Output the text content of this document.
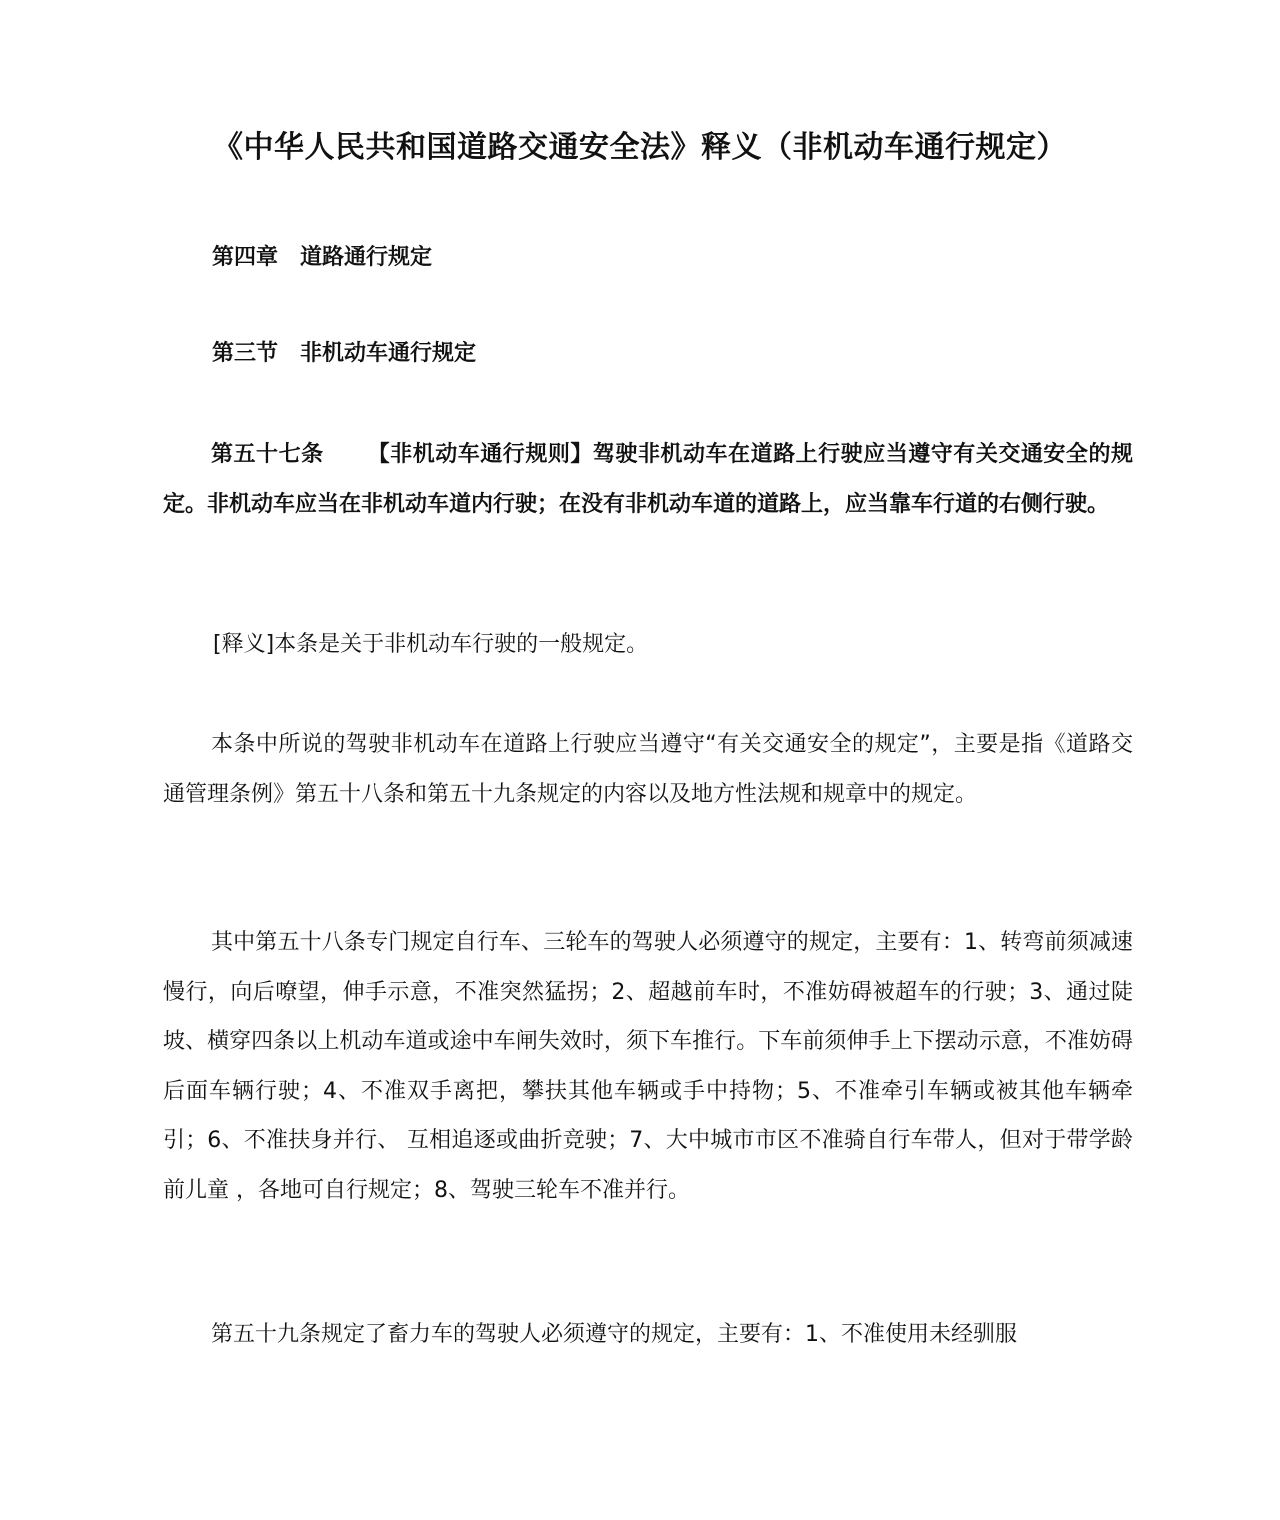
《中华人民共和国道路交通安全法》释义（非机动车通行规定）
第四章 道路通行规定
第三节 非机动车通行规定

第五十七条 【非机动车通行规则】驾驶非机动车在道路上行驶应当遵守有关交通安全的规定。非机动车应当在非机动车道内行驶；在没有非机动车道的道路上，应当靠车行道的右侧行驶。

[释义]本条是关于非机动车行驶的一般规定。

本条中所说的驾驶非机动车在道路上行驶应当遵守“有关交通安全的规定”，主要是指《道路交通管理条例》第五十八条和第五十九条规定的内容以及地方性法规和规章中的规定。

其中第五十八条专门规定自行车、三轮车的驾驶人必须遵守的规定，主要有：1、转弯前须减速慢行，向后嘹望，伸手示意，不准突然猛拐；2、超越前车时，不准妨碍被超车的行驶；3、通过陡坡、横穿四条以上机动车道或途中车闸失效时，须下车推行。下车前须伸手上下摆动示意，不准妨碍后面车辆行驶；4、不准双手离把，攀扶其他车辆或手中持物；5、不准牵引车辆或被其他车辆牵引；6、不准扶身并行、 互相追逐或曲折竞驶；7、大中城市市区不准骑自行车带人，但对于带学龄前儿童 ，各地可自行规定；8、驾驶三轮车不准并行。

第五十九条规定了畜力车的驾驶人必须遵守的规定，主要有：1、不准使用未经驯服
